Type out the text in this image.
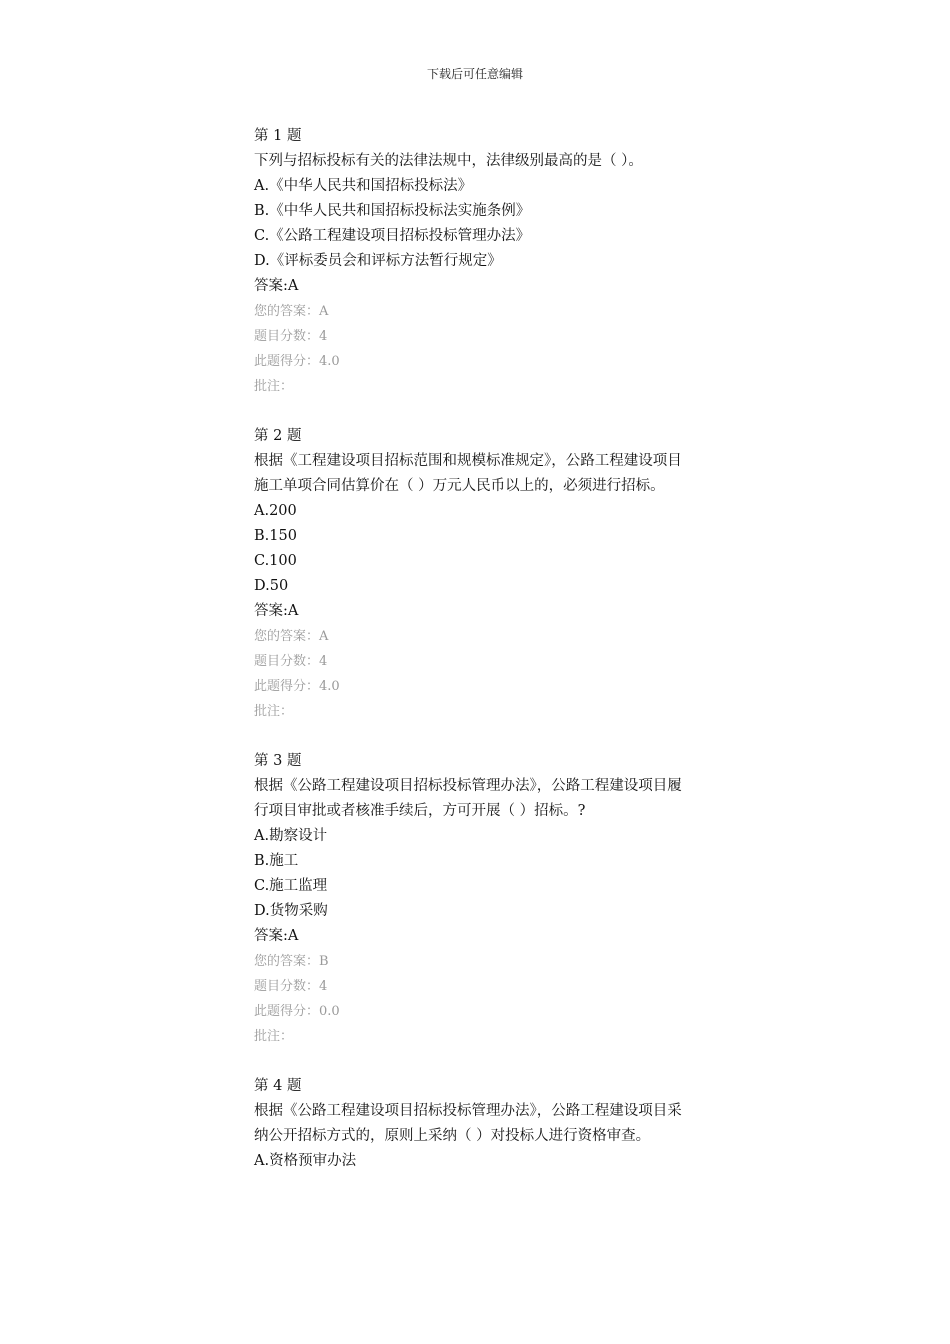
下载后可任意编辑
第 1 题
下列与招标投标有关的法律法规中，法律级别最高的是（ ）。
A.《中华人民共和国招标投标法》
B.《中华人民共和国招标投标法实施条例》
C.《公路工程建设项目招标投标管理办法》
D.《评标委员会和评标方法暂行规定》
答案:A
您的答案：A
题目分数：4
此题得分：4.0
批注：
第 2 题
根据《工程建设项目招标范围和规模标准规定》，公路工程建设项目施工单项合同估算价在（ ）万元人民币以上的，必须进行招标。
A.200
B.150
C.100
D.50
答案:A
您的答案：A
题目分数：4
此题得分：4.0
批注：
第 3 题
根据《公路工程建设项目招标投标管理办法》，公路工程建设项目履行项目审批或者核准手续后，方可开展（ ）招标。?
A.勘察设计
B.施工
C.施工监理
D.货物采购
答案:A
您的答案：B
题目分数：4
此题得分：0.0
批注：
第 4 题
根据《公路工程建设项目招标投标管理办法》，公路工程建设项目采纳公开招标方式的，原则上采纳（ ）对投标人进行资格审查。
A.资格预审办法
